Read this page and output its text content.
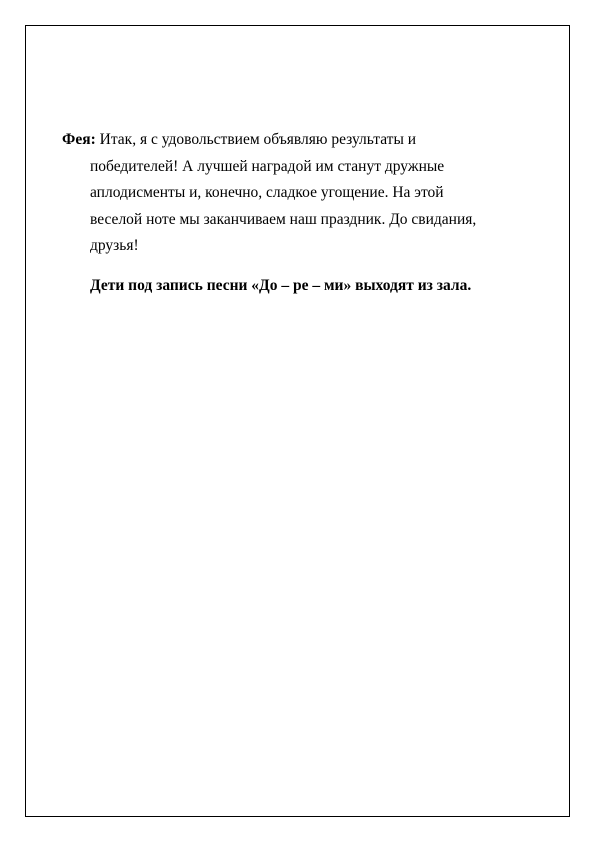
Фея: Итак, я с удовольствием объявляю результаты и
победителей! А лучшей наградой им станут дружные
аплодисменты и, конечно, сладкое угощение. На этой
веселой ноте мы заканчиваем наш праздник. До свидания,
друзья!
Дети под запись песни «До – ре – ми» выходят из зала.
